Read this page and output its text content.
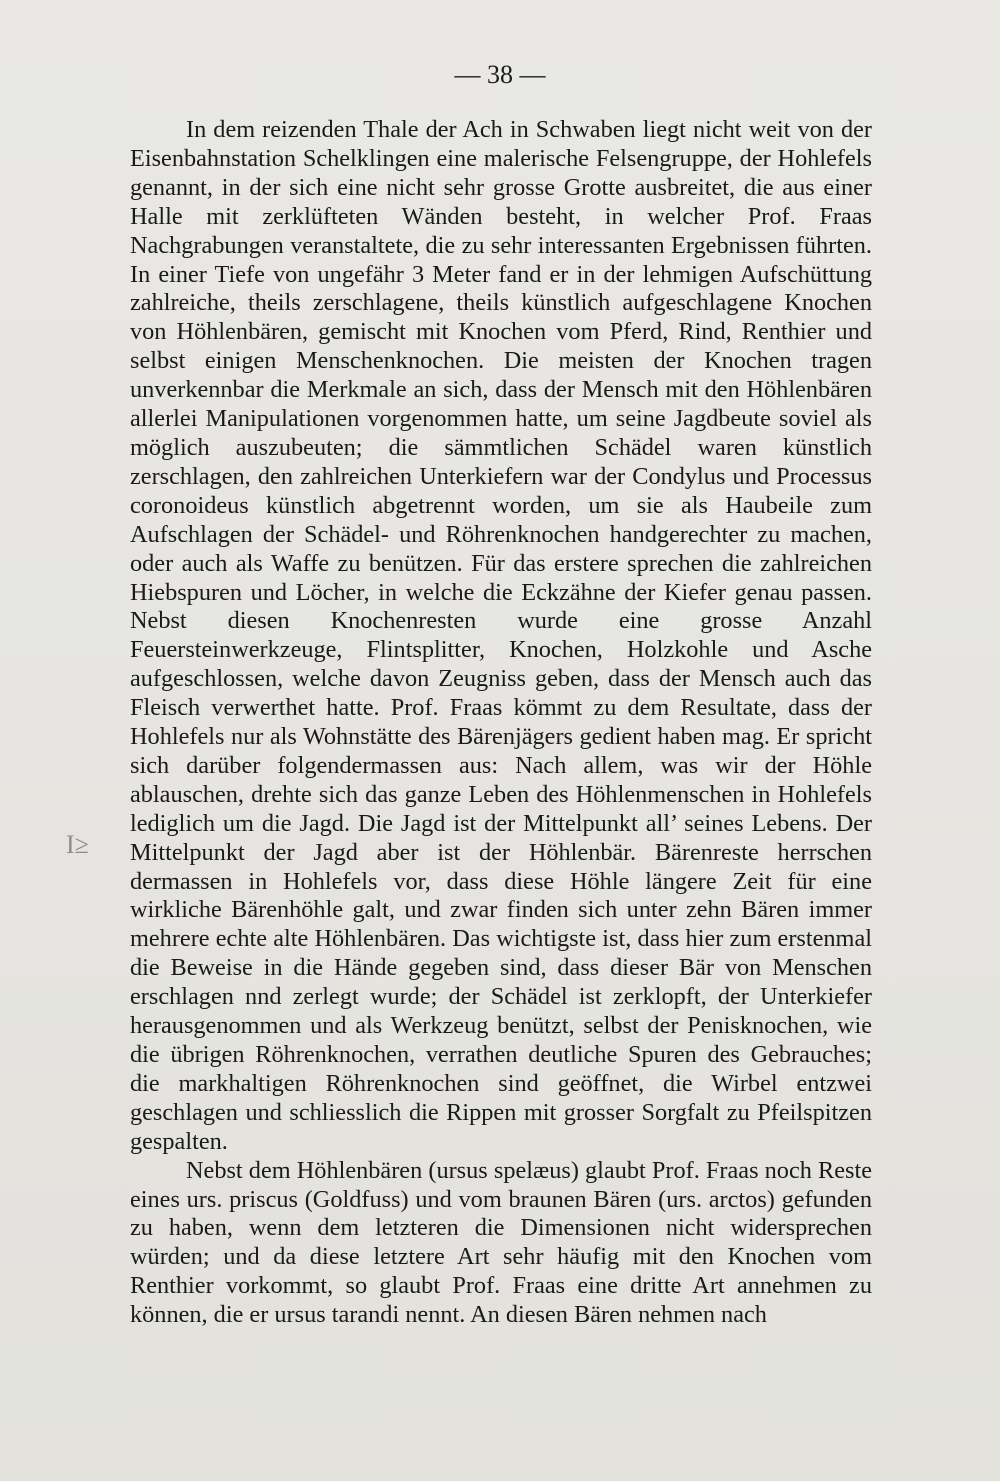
— 38 —

In dem reizenden Thale der Ach in Schwaben liegt nicht weit von der Eisenbahnstation Schelklingen eine malerische Felsengruppe, der Hohlefels genannt, in der sich eine nicht sehr grosse Grotte ausbreitet, die aus einer Halle mit zerklüfteten Wänden besteht, in welcher Prof. Fraas Nachgrabungen veranstaltete, die zu sehr interessanten Ergebnissen führten. In einer Tiefe von ungefähr 3 Meter fand er in der lehmigen Aufschüttung zahlreiche, theils zerschlagene, theils künstlich aufgeschlagene Knochen von Höhlenbären, gemischt mit Knochen vom Pferd, Rind, Renthier und selbst einigen Menschenknochen. Die meisten der Knochen tragen unverkennbar die Merkmale an sich, dass der Mensch mit den Höhlenbären allerlei Manipulationen vorgenommen hatte, um seine Jagdbeute soviel als möglich auszubeuten; die sämmtlichen Schädel waren künstlich zerschlagen, den zahlreichen Unterkiefern war der Condylus und Processus coronoideus künstlich abgetrennt worden, um sie als Haubeile zum Aufschlagen der Schädel- und Röhrenknochen handgerechter zu machen, oder auch als Waffe zu benützen. Für das erstere sprechen die zahlreichen Hiebspuren und Löcher, in welche die Eckzähne der Kiefer genau passen. Nebst diesen Knochenresten wurde eine grosse Anzahl Feuersteinwerkzeuge, Flintsplitter, Knochen, Holzkohle und Asche aufgeschlossen, welche davon Zeugniss geben, dass der Mensch auch das Fleisch verwerthet hatte. Prof. Fraas kömmt zu dem Resultate, dass der Hohlefels nur als Wohnstätte des Bärenjägers gedient haben mag. Er spricht sich darüber folgendermassen aus: Nach allem, was wir der Höhle ablauschen, drehte sich das ganze Leben des Höhlenmenschen in Hohlefels lediglich um die Jagd. Die Jagd ist der Mittelpunkt all’ seines Lebens. Der Mittelpunkt der Jagd aber ist der Höhlenbär. Bärenreste herrschen dermassen in Hohlefels vor, dass diese Höhle längere Zeit für eine wirkliche Bärenhöhle galt, und zwar finden sich unter zehn Bären immer mehrere echte alte Höhlenbären. Das wichtigste ist, dass hier zum erstenmal die Beweise in die Hände gegeben sind, dass dieser Bär von Menschen erschlagen nnd zerlegt wurde; der Schädel ist zerklopft, der Unterkiefer herausgenommen und als Werkzeug benützt, selbst der Penisknochen, wie die übrigen Röhrenknochen, verrathen deutliche Spuren des Gebrauches; die markhaltigen Röhrenknochen sind geöffnet, die Wirbel entzwei geschlagen und schliesslich die Rippen mit grosser Sorgfalt zu Pfeilspitzen gespalten.

Nebst dem Höhlenbären (ursus spelæus) glaubt Prof. Fraas noch Reste eines urs. priscus (Goldfuss) und vom braunen Bären (urs. arctos) gefunden zu haben, wenn dem letzteren die Dimensionen nicht widersprechen würden; und da diese letztere Art sehr häufig mit den Knochen vom Renthier vorkommt, so glaubt Prof. Fraas eine dritte Art annehmen zu können, die er ursus tarandi nennt. An diesen Bären nehmen nach

I≥
